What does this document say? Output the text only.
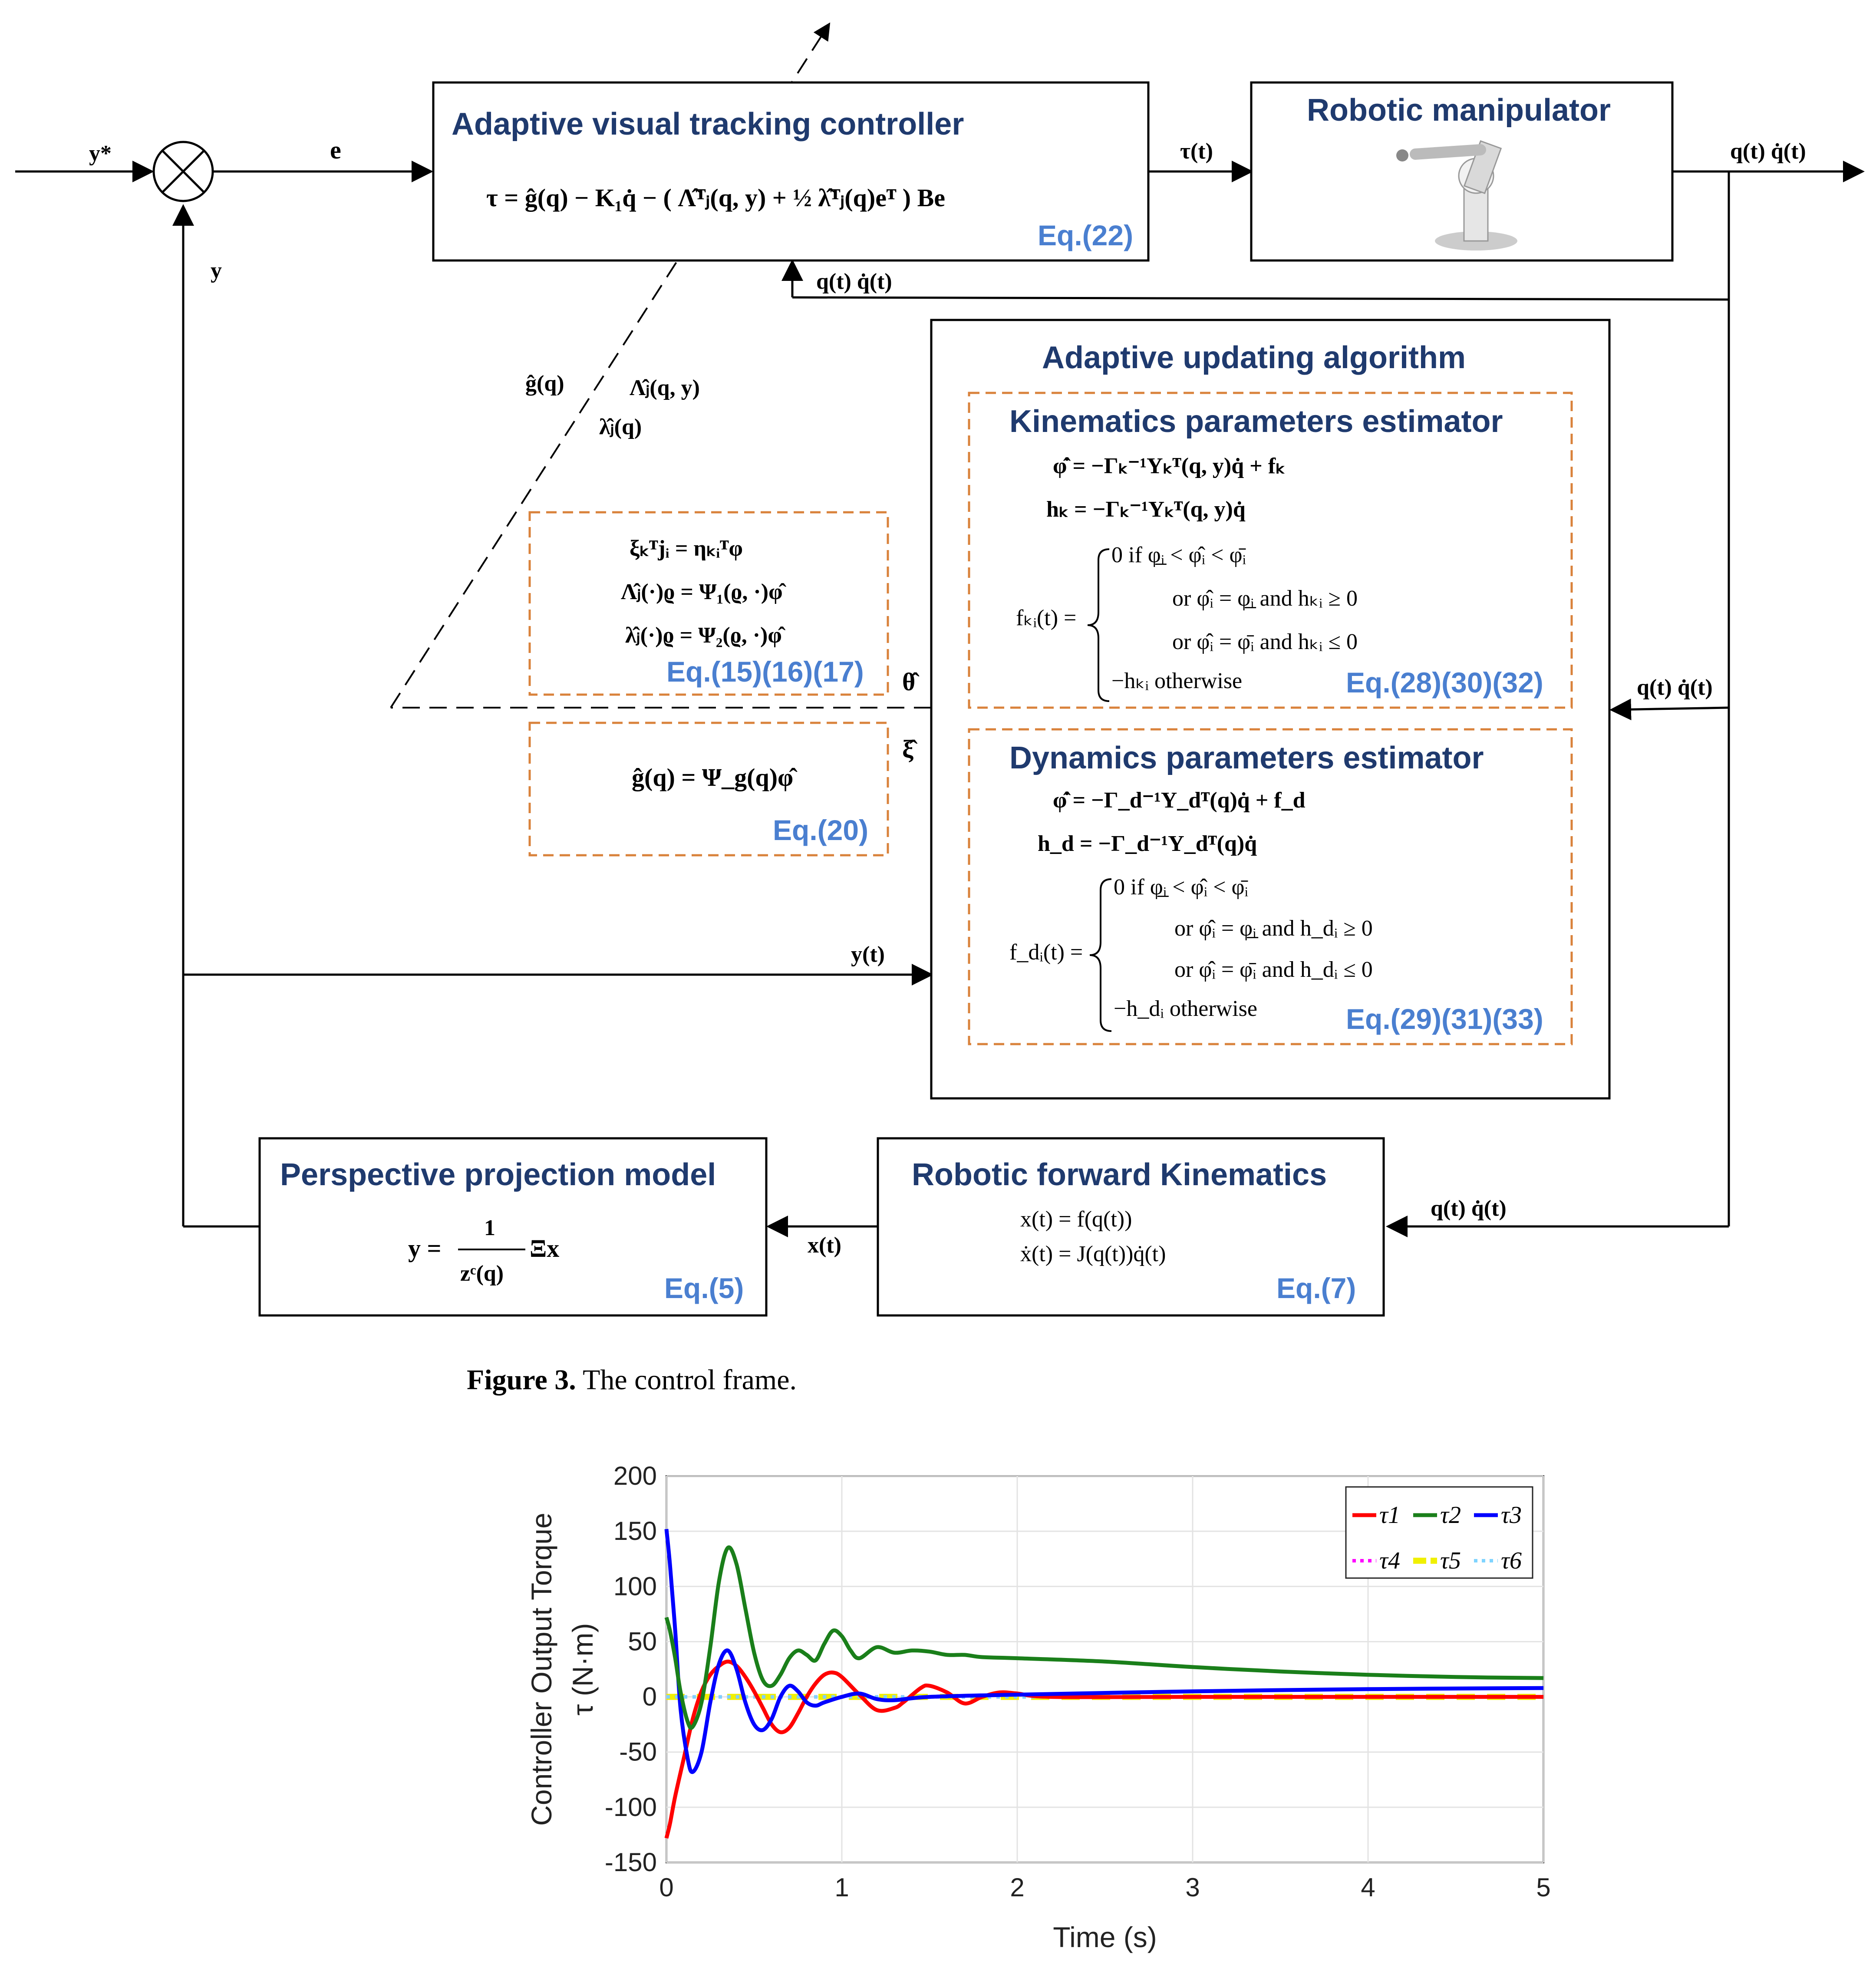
Adaptive visual tracking controller
τ = ĝ(q) − K₁q̇ − ( Λ̂ᵀⱼ(q, y) + ½ λ̂ᵀⱼ(q)eᵀ ) Be
Eq.(22)
Robotic manipulator
Adaptive updating algorithm
Kinematics parameters estimator
φ̂̇ = −Γₖ⁻¹Yₖᵀ(q, y)q̇ + fₖ
hₖ = −Γₖ⁻¹Yₖᵀ(q, y)q̇
fₖᵢ(t) =
0 if φ̲ᵢ < φ̂ᵢ < φ̄ᵢ
or φ̂ᵢ = φ̲ᵢ and hₖᵢ ≥ 0
or φ̂ᵢ = φ̄ᵢ and hₖᵢ ≤ 0
−hₖᵢ otherwise	Eq.(28)(30)(32)
Dynamics parameters estimator
φ̂̇ = −Γ_d⁻¹Y_dᵀ(q)q̇ + f_d
h_d = −Γ_d⁻¹Y_dᵀ(q)q̇
f_dᵢ(t) =
0 if φ̲ᵢ < φ̂ᵢ < φ̄ᵢ
or φ̂ᵢ = φ̲ᵢ and h_dᵢ ≥ 0
or φ̂ᵢ = φ̄ᵢ and h_dᵢ ≤ 0
−h_dᵢ otherwise	Eq.(29)(31)(33)
ξₖᵀjᵢ = ηₖᵢᵀφ
Λ̂ⱼ(·)ϱ = Ψ₁(ϱ, ·)φ̂
λ̂ⱼ(·)ϱ = Ψ₂(ϱ, ·)φ̂
Eq.(15)(16)(17)
ĝ(q) = Ψ_g(q)φ̂
Eq.(20)
Perspective projection model
y =
1
zᶜ(q)
Ξx
Eq.(5)
Robotic forward Kinematics
x(t) = f(q(t))
ẋ(t) = J(q(t))q̇(t)
Eq.(7)
y*	e
y
τ(t)	q(t) q̇(t)
q(t) q̇(t)
ĝ(q)	Λ̂ⱼ(q, y)
λ̂ⱼ(q)
θ̂
ξ̂
q(t) q̇(t)
y(t)
x(t)
q(t) q̇(t)
Figure 3. The control frame.
200
150
100
50
0
-50
-100
-150
0	1	2	3	4	5
Controller Output Torque τ (N·m)
Time (s)
τ1 τ2 τ3
τ4 τ5 τ6
